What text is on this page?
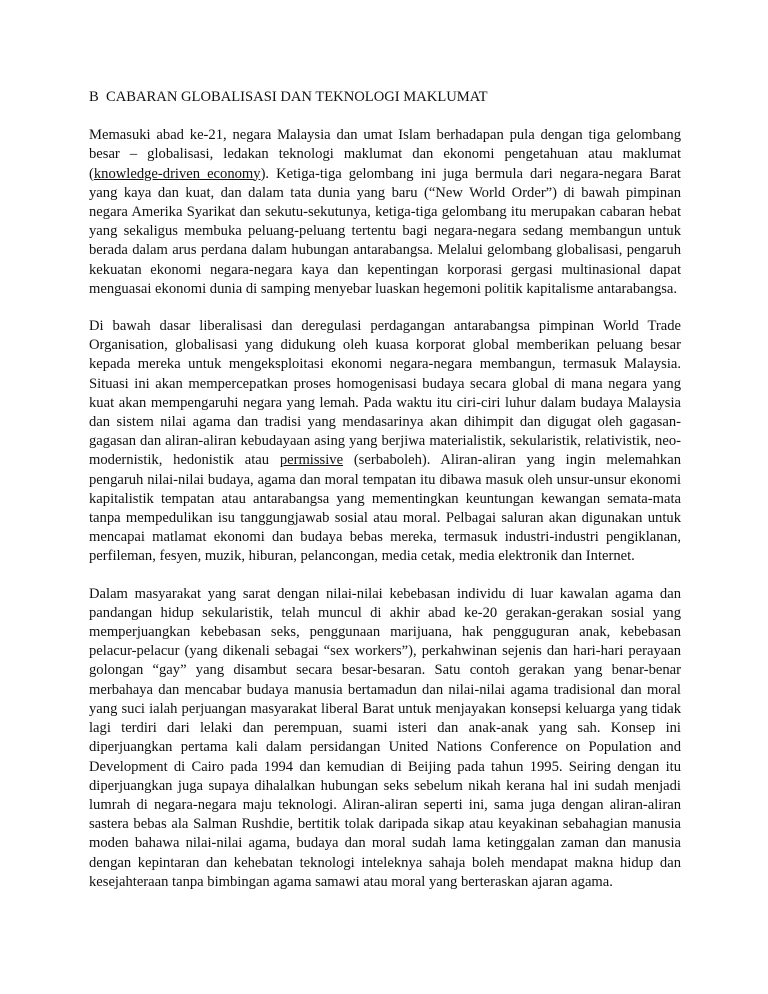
B CABARAN GLOBALISASI DAN TEKNOLOGI MAKLUMAT

Memasuki abad ke-21, negara Malaysia dan umat Islam berhadapan pula dengan tiga gelombang besar – globalisasi, ledakan teknologi maklumat dan ekonomi pengetahuan atau maklumat (knowledge-driven economy). Ketiga-tiga gelombang ini juga bermula dari negara-negara Barat yang kaya dan kuat, dan dalam tata dunia yang baru (“New World Order”) di bawah pimpinan negara Amerika Syarikat dan sekutu-sekutunya, ketiga-tiga gelombang itu merupakan cabaran hebat yang sekaligus membuka peluang-peluang tertentu bagi negara-negara sedang membangun untuk berada dalam arus perdana dalam hubungan antarabangsa. Melalui gelombang globalisasi, pengaruh kekuatan ekonomi negara-negara kaya dan kepentingan korporasi gergasi multinasional dapat menguasai ekonomi dunia di samping menyebar luaskan hegemoni politik kapitalisme antarabangsa.

Di bawah dasar liberalisasi dan deregulasi perdagangan antarabangsa pimpinan World Trade Organisation, globalisasi yang didukung oleh kuasa korporat global memberikan peluang besar kepada mereka untuk mengeksploitasi ekonomi negara-negara membangun, termasuk Malaysia. Situasi ini akan mempercepatkan proses homogenisasi budaya secara global di mana negara yang kuat akan mempengaruhi negara yang lemah. Pada waktu itu ciri-ciri luhur dalam budaya Malaysia dan sistem nilai agama dan tradisi yang mendasarinya akan dihimpit dan digugat oleh gagasan-gagasan dan aliran-aliran kebudayaan asing yang berjiwa materialistik, sekularistik, relativistik, neo-modernistik, hedonistik atau permissive (serbaboleh). Aliran-aliran yang ingin melemahkan pengaruh nilai-nilai budaya, agama dan moral tempatan itu dibawa masuk oleh unsur-unsur ekonomi kapitalistik tempatan atau antarabangsa yang mementingkan keuntungan kewangan semata-mata tanpa mempedulikan isu tanggungjawab sosial atau moral. Pelbagai saluran akan digunakan untuk mencapai matlamat ekonomi dan budaya bebas mereka, termasuk industri-industri pengiklanan, perfileman, fesyen, muzik, hiburan, pelancongan, media cetak, media elektronik dan Internet.

Dalam masyarakat yang sarat dengan nilai-nilai kebebasan individu di luar kawalan agama dan pandangan hidup sekularistik, telah muncul di akhir abad ke-20 gerakan-gerakan sosial yang memperjuangkan kebebasan seks, penggunaan marijuana, hak pengguguran anak, kebebasan pelacur-pelacur (yang dikenali sebagai “sex workers”), perkahwinan sejenis dan hari-hari perayaan golongan “gay” yang disambut secara besar-besaran. Satu contoh gerakan yang benar-benar merbahaya dan mencabar budaya manusia bertamadun dan nilai-nilai agama tradisional dan moral yang suci ialah perjuangan masyarakat liberal Barat untuk menjayakan konsepsi keluarga yang tidak lagi terdiri dari lelaki dan perempuan, suami isteri dan anak-anak yang sah. Konsep ini diperjuangkan pertama kali dalam persidangan United Nations Conference on Population and Development di Cairo pada 1994 dan kemudian di Beijing pada tahun 1995. Seiring dengan itu diperjuangkan juga supaya dihalalkan hubungan seks sebelum nikah kerana hal ini sudah menjadi lumrah di negara-negara maju teknologi. Aliran-aliran seperti ini, sama juga dengan aliran-aliran sastera bebas ala Salman Rushdie, bertitik tolak daripada sikap atau keyakinan sebahagian manusia moden bahawa nilai-nilai agama, budaya dan moral sudah lama ketinggalan zaman dan manusia dengan kepintaran dan kehebatan teknologi inteleknya sahaja boleh mendapat makna hidup dan kesejahteraan tanpa bimbingan agama samawi atau moral yang berteraskan ajaran agama.
